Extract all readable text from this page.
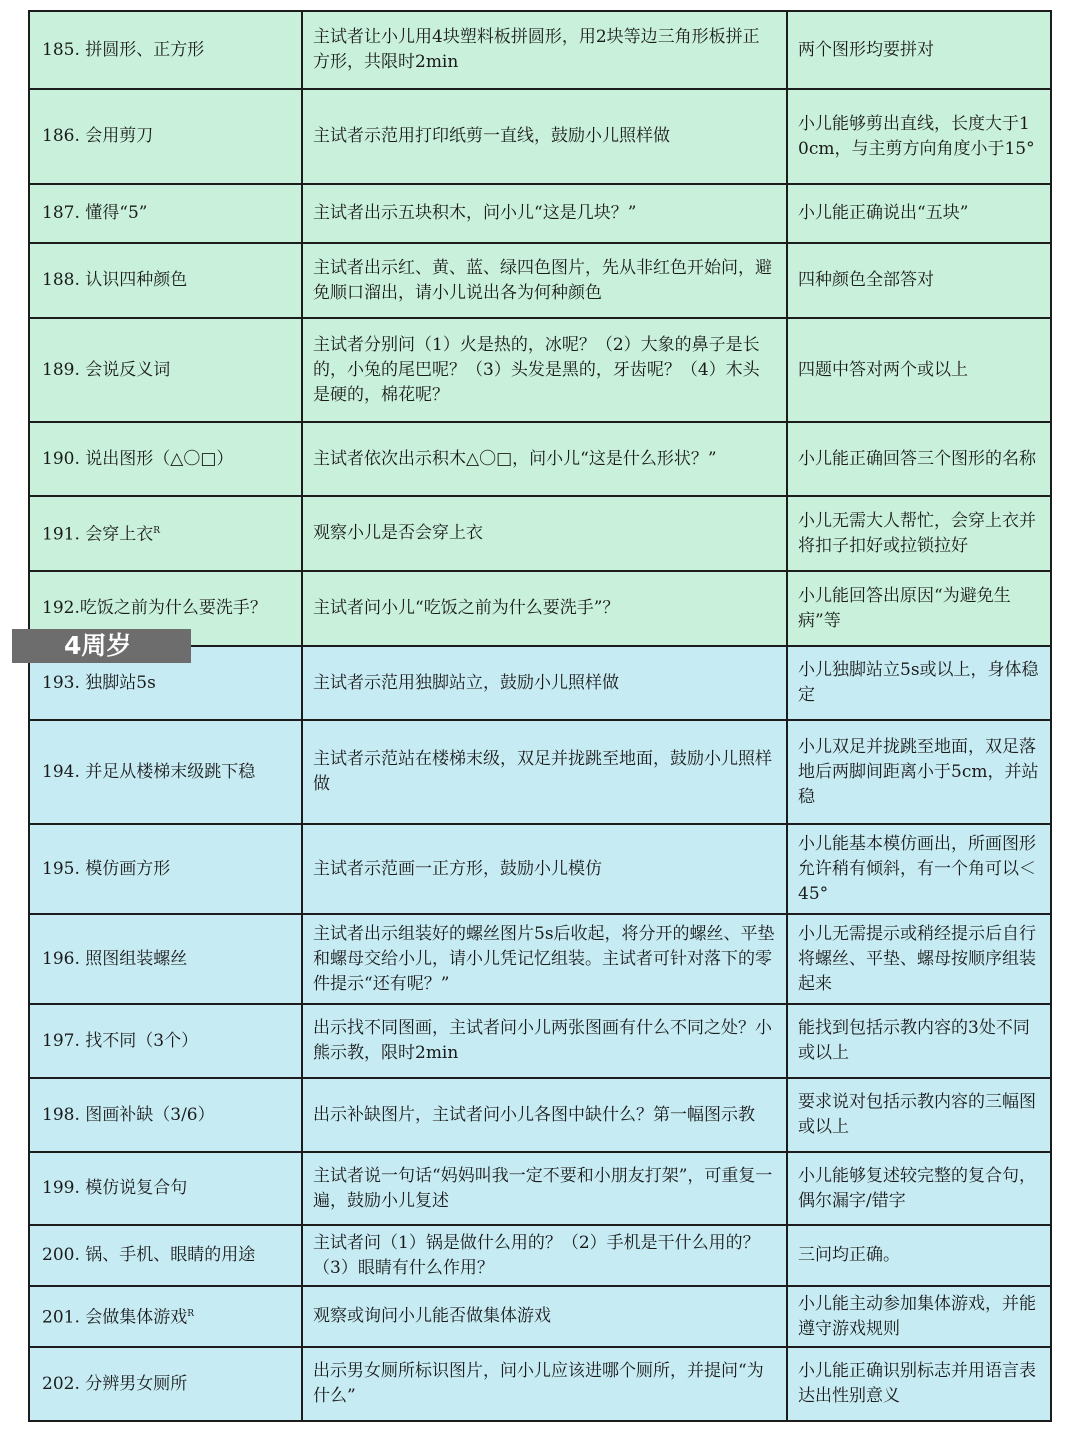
185. 拼圆形、正方形	主试者让小儿用4块塑料板拼圆形，用2块等边三角形板拼正方形，共限时2min	两个图形均要拼对
186. 会用剪刀	主试者示范用打印纸剪一直线，鼓励小儿照样做	小儿能够剪出直线，长度大于10cm，与主剪方向角度小于15°
187. 懂得“5”	主试者出示五块积木，问小儿“这是几块？”	小儿能正确说出“五块”
188. 认识四种颜色	主试者出示红、黄、蓝、绿四色图片，先从非红色开始问，避免顺口溜出，请小儿说出各为何种颜色	四种颜色全部答对
189. 会说反义词	主试者分别问（1）火是热的，冰呢？（2）大象的鼻子是长的，小兔的尾巴呢？（3）头发是黑的，牙齿呢？（4）木头是硬的，棉花呢？	四题中答对两个或以上
190. 说出图形（△〇□）	主试者依次出示积木△〇□，问小儿“这是什么形状？”	小儿能正确回答三个图形的名称
191. 会穿上衣$^R$	观察小儿是否会穿上衣	小儿无需大人帮忙，会穿上衣并将扣子扣好或拉锁拉好
192.吃饭之前为什么要洗手？	主试者问小儿“吃饭之前为什么要洗手”？	小儿能回答出原因“为避免生病”等
193. 独脚站5s	主试者示范用独脚站立，鼓励小儿照样做	小儿独脚站立5s或以上，身体稳定
194. 并足从楼梯末级跳下稳	主试者示范站在楼梯末级，双足并拢跳至地面，鼓励小儿照样做	小儿双足并拢跳至地面，双足落地后两脚间距离小于5cm，并站稳
195. 模仿画方形	主试者示范画一正方形，鼓励小儿模仿	小儿能基本模仿画出，所画图形允许稍有倾斜，有一个角可以＜45°
196. 照图组装螺丝	主试者出示组装好的螺丝图片5s后收起，将分开的螺丝、平垫和螺母交给小儿，请小儿凭记忆组装。主试者可针对落下的零件提示“还有呢？”	小儿无需提示或稍经提示后自行将螺丝、平垫、螺母按顺序组装起来
197. 找不同（3个）	出示找不同图画，主试者问小儿两张图画有什么不同之处？小熊示教，限时2min	能找到包括示教内容的3处不同或以上
198. 图画补缺（3/6）	出示补缺图片，主试者问小儿各图中缺什么？第一幅图示教	要求说对包括示教内容的三幅图或以上
199. 模仿说复合句	主试者说一句话“妈妈叫我一定不要和小朋友打架”，可重复一遍，鼓励小儿复述	小儿能够复述较完整的复合句，偶尔漏字/错字
200. 锅、手机、眼睛的用途	主试者问（1）锅是做什么用的？（2）手机是干什么用的？（3）眼睛有什么作用？	三问均正确。
201. 会做集体游戏$^R$	观察或询问小儿能否做集体游戏	小儿能主动参加集体游戏，并能遵守游戏规则
202. 分辨男女厕所	出示男女厕所标识图片，问小儿应该进哪个厕所，并提问“为什么”	小儿能正确识别标志并用语言表达出性别意义
4周岁
